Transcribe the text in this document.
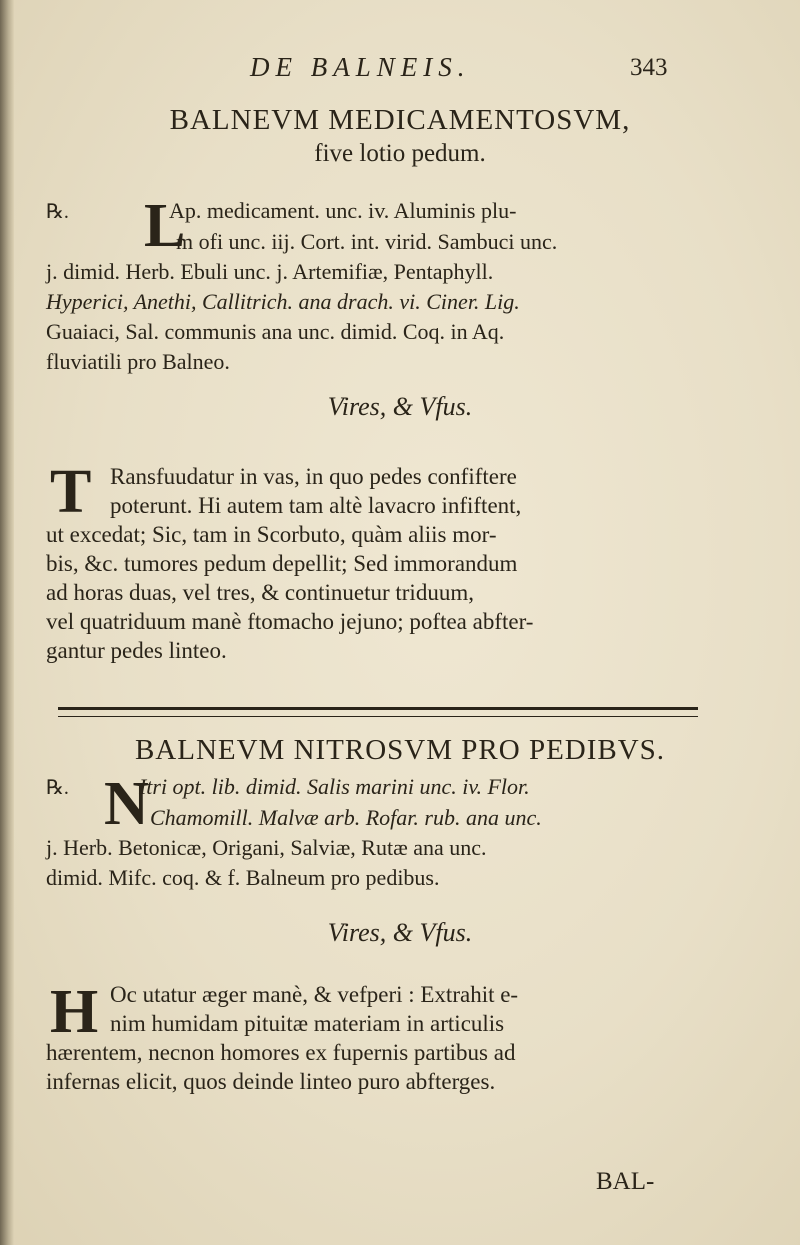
DE BALNEIS.	343
BALNEVM MEDICAMENTOSVM,
five lotio pedum.
L
℞.	Ap. medicament. unc. iv. Aluminis plu-
m ofi unc. iij. Cort. int. virid. Sambuci unc.
j. dimid. Herb. Ebuli unc. j. Artemifiæ, Pentaphyll.
Hyperici, Anethi, Callitrich. ana drach. vi. Ciner. Lig.
Guaiaci, Sal. communis ana unc. dimid. Coq. in Aq.
fluviatili pro Balneo.
Vires, & Vfus.
T Ransfuudatur in vas, in quo pedes confiftere
poterunt. Hi autem tam altè lavacro infiftent,
ut excedat; Sic, tam in Scorbuto, quàm aliis mor-
bis, &c. tumores pedum depellit; Sed immorandum
ad horas duas, vel tres, & continuetur triduum,
vel quatriduum manè ftomacho jejuno; poftea abfter-
gantur pedes linteo.
BALNEVM NITROSVM PRO PEDIBVS.
N
℞.	Itri opt. lib. dimid. Salis marini unc. iv. Flor.
Chamomill. Malvæ arb. Rofar. rub. ana unc.
j. Herb. Betonicæ, Origani, Salviæ, Rutæ ana unc.
dimid. Mifc. coq. & f. Balneum pro pedibus.
Vires, & Vfus.
H Oc utatur æger manè, & vefperi : Extrahit e-
nim humidam pituitæ materiam in articulis
hærentem, necnon homores ex fupernis partibus ad
infernas elicit, quos deinde linteo puro abfterges.
BAL-
